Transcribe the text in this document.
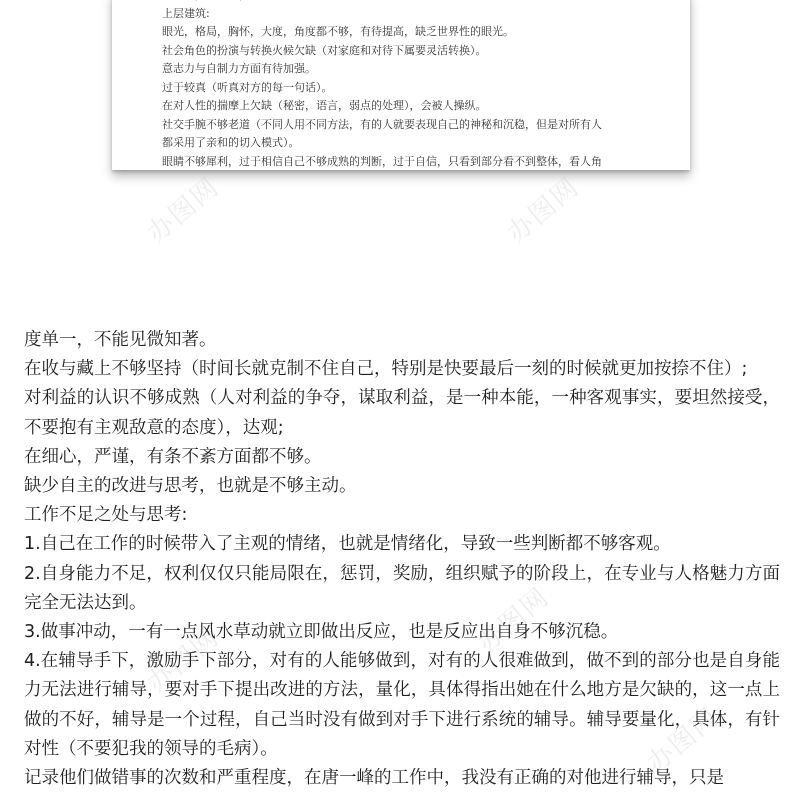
上层建筑:
眼光，格局，胸怀，大度，角度都不够，有待提高，缺乏世界性的眼光。
社会角色的扮演与转换火候欠缺（对家庭和对待下属要灵活转换）。
意志力与自制力方面有待加强。
过于较真（听真对方的每一句话）。
在对人性的揣摩上欠缺（秘密，语言，弱点的处理），会被人操纵。
社交手腕不够老道（不同人用不同方法，有的人就要表现自己的神秘和沉稳，但是对所有人
都采用了亲和的切入模式）。
眼睛不够犀利，过于相信自己不够成熟的判断，过于自信，只看到部分看不到整体，看人角
办图网	办图网
办图网
办图网
办图网

度单一，不能见微知著。

在收与藏上不够坚持（时间长就克制不住自己，特别是快要最后一刻的时候就更加按捺不住）;

对利益的认识不够成熟（人对利益的争夺，谋取利益，是一种本能，一种客观事实，要坦然接受，不要抱有主观敌意的态度），达观;

在细心，严谨，有条不紊方面都不够。

缺少自主的改进与思考，也就是不够主动。

工作不足之处与思考:

1.自己在工作的时候带入了主观的情绪，也就是情绪化，导致一些判断都不够客观。

2.自身能力不足，权利仅仅只能局限在，惩罚，奖励，组织赋予的阶段上，在专业与人格魅力方面完全无法达到。

3.做事冲动，一有一点风水草动就立即做出反应，也是反应出自身不够沉稳。

4.在辅导手下，激励手下部分，对有的人能够做到，对有的人很难做到，做不到的部分也是自身能力无法进行辅导，要对手下提出改进的方法，量化，具体得指出她在什么地方是欠缺的，这一点上做的不好，辅导是一个过程，自己当时没有做到对手下进行系统的辅导。辅导要量化，具体，有针对性（不要犯我的领导的毛病）。

记录他们做错事的次数和严重程度，在唐一峰的工作中，我没有正确的对他进行辅导，只是
